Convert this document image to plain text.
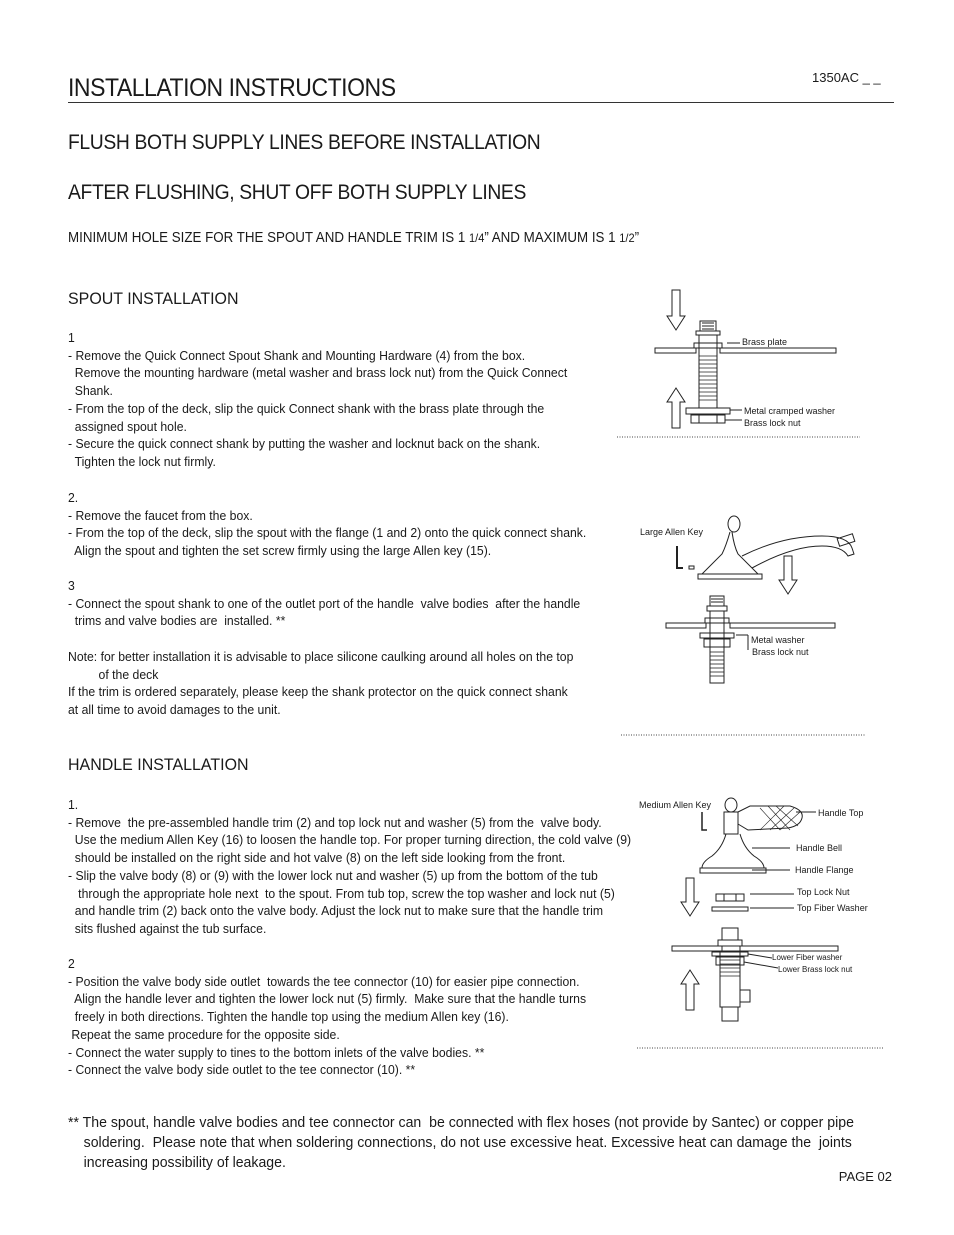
1350AC _ _
INSTALLATION INSTRUCTIONS
FLUSH BOTH SUPPLY LINES BEFORE INSTALLATION
AFTER FLUSHING, SHUT OFF BOTH SUPPLY LINES
MINIMUM HOLE SIZE FOR THE SPOUT AND HANDLE TRIM IS 1 1/4” AND MAXIMUM IS 1 1/2”
SPOUT INSTALLATION
1
- Remove the Quick Connect Spout Shank and Mounting Hardware (4) from the box.
Remove the mounting hardware (metal washer and brass lock nut) from the Quick Connect
Shank.
- From the top of the deck, slip the quick Connect shank with the brass plate through the
assigned spout hole.
- Secure the quick connect shank by putting the washer and locknut back on the shank.
Tighten the lock nut firmly.
2.
- Remove the faucet from the box.
- From the top of the deck, slip the spout with the flange (1 and 2) onto the quick connect shank.
Align the spout and tighten the set screw firmly using the large Allen key (15).
3
- Connect the spout shank to one of the outlet port of the handle  valve bodies  after the handle
trims and valve bodies are  installed. **
Note: for better installation it is advisable to place silicone caulking around all holes on the top
of the deck
If the trim is ordered separately, please keep the shank protector on the quick connect shank
at all time to avoid damages to the unit.
HANDLE INSTALLATION
1.
- Remove  the pre-assembled handle trim (2) and top lock nut and washer (5) from the  valve body.
Use the medium Allen Key (16) to loosen the handle top. For proper turning direction, the cold valve (9)
should be installed on the right side and hot valve (8) on the left side looking from the front.
- Slip the valve body (8) or (9) with the lower lock nut and washer (5) up from the bottom of the tub
through the appropriate hole next  to the spout. From tub top, screw the top washer and lock nut (5)
and handle trim (2) back onto the valve body. Adjust the lock nut to make sure that the handle trim
sits flushed against the tub surface.
2
- Position the valve body side outlet  towards the tee connector (10) for easier pipe connection.
Align the handle lever and tighten the lower lock nut (5) firmly.  Make sure that the handle turns
freely in both directions. Tighten the handle top using the medium Allen key (16).
Repeat the same procedure for the opposite side.
- Connect the water supply to tines to the bottom inlets of the valve bodies. **
- Connect the valve body side outlet to the tee connector (10). **
** The spout, handle valve bodies and tee connector can  be connected with flex hoses (not provide by Santec) or copper pipe
soldering.  Please note that when soldering connections, do not use excessive heat. Excessive heat can damage the  joints
increasing possibility of leakage.
PAGE 02
Brass plate
Metal cramped washer
Brass lock nut
Large Allen Key
Metal washer
Brass lock nut
Medium Allen Key
Handle Top
Handle Bell
Handle Flange
Top Lock Nut
Top Fiber Washer
Lower Fiber washer
Lower Brass lock nut
